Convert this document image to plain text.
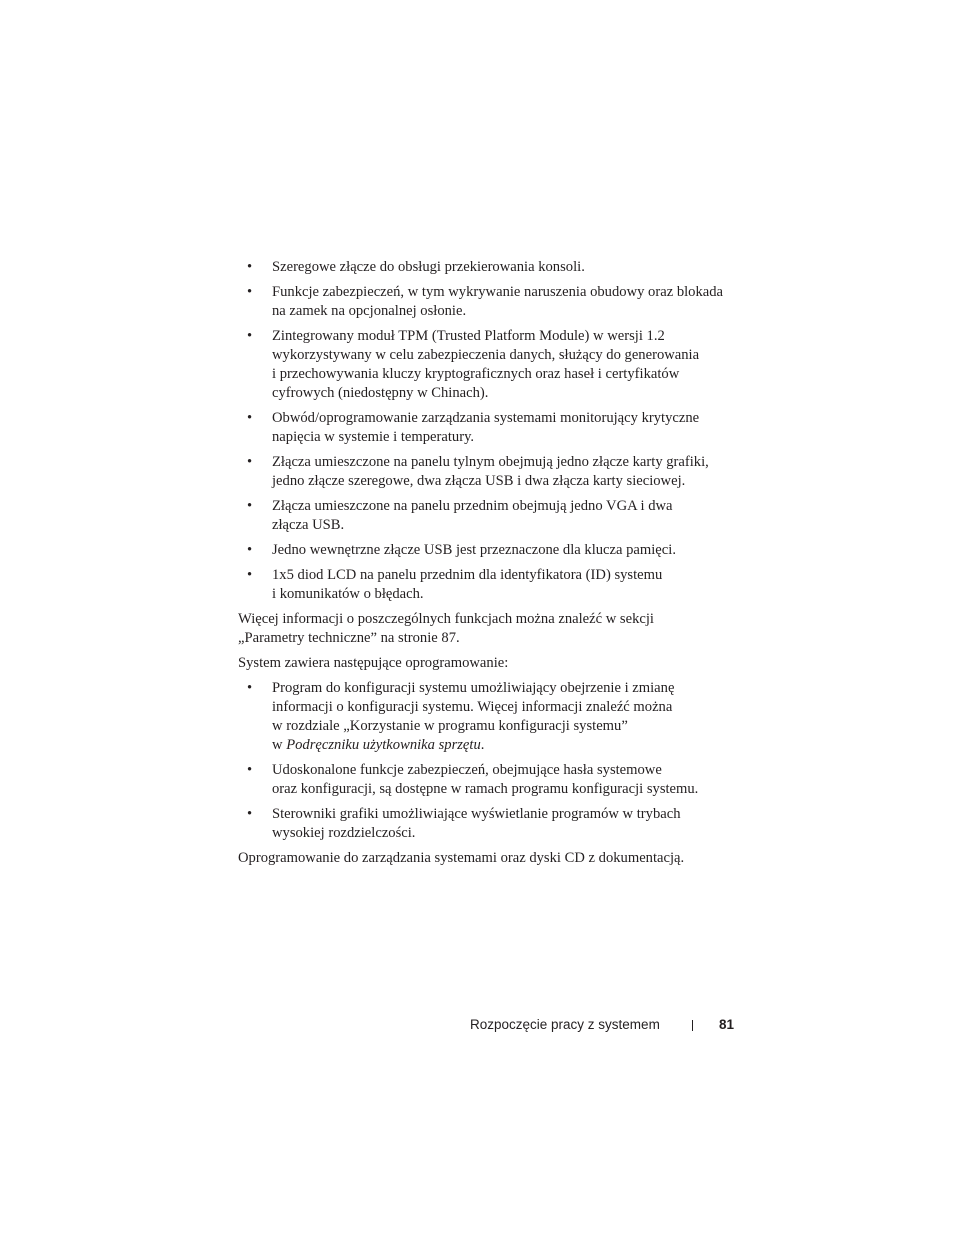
• Szeregowe złącze do obsługi przekierowania konsoli.
• Funkcje zabezpieczeń, w tym wykrywanie naruszenia obudowy oraz blokada
na zamek na opcjonalnej osłonie.
• Zintegrowany moduł TPM (Trusted Platform Module) w wersji 1.2
wykorzystywany w celu zabezpieczenia danych, służący do generowania
i przechowywania kluczy kryptograficznych oraz haseł i certyfikatów
cyfrowych (niedostępny w Chinach).
• Obwód/oprogramowanie zarządzania systemami monitorujący krytyczne
napięcia w systemie i temperatury.
• Złącza umieszczone na panelu tylnym obejmują jedno złącze karty grafiki,
jedno złącze szeregowe, dwa złącza USB i dwa złącza karty sieciowej.
• Złącza umieszczone na panelu przednim obejmują jedno VGA i dwa
złącza USB.
• Jedno wewnętrzne złącze USB jest przeznaczone dla klucza pamięci.
• 1x5 diod LCD na panelu przednim dla identyfikatora (ID) systemu
i komunikatów o błędach.

Więcej informacji o poszczególnych funkcjach można znaleźć w sekcji
„Parametry techniczne” na stronie 87.

System zawiera następujące oprogramowanie:

• Program do konfiguracji systemu umożliwiający obejrzenie i zmianę
informacji o konfiguracji systemu. Więcej informacji znaleźć można
w rozdziale „Korzystanie w programu konfiguracji systemu”
w Podręczniku użytkownika sprzętu.
• Udoskonalone funkcje zabezpieczeń, obejmujące hasła systemowe
oraz konfiguracji, są dostępne w ramach programu konfiguracji systemu.
• Sterowniki grafiki umożliwiające wyświetlanie programów w trybach
wysokiej rozdzielczości.

Oprogramowanie do zarządzania systemami oraz dyski CD z dokumentacją.

Rozpoczęcie pracy z systemem	81
